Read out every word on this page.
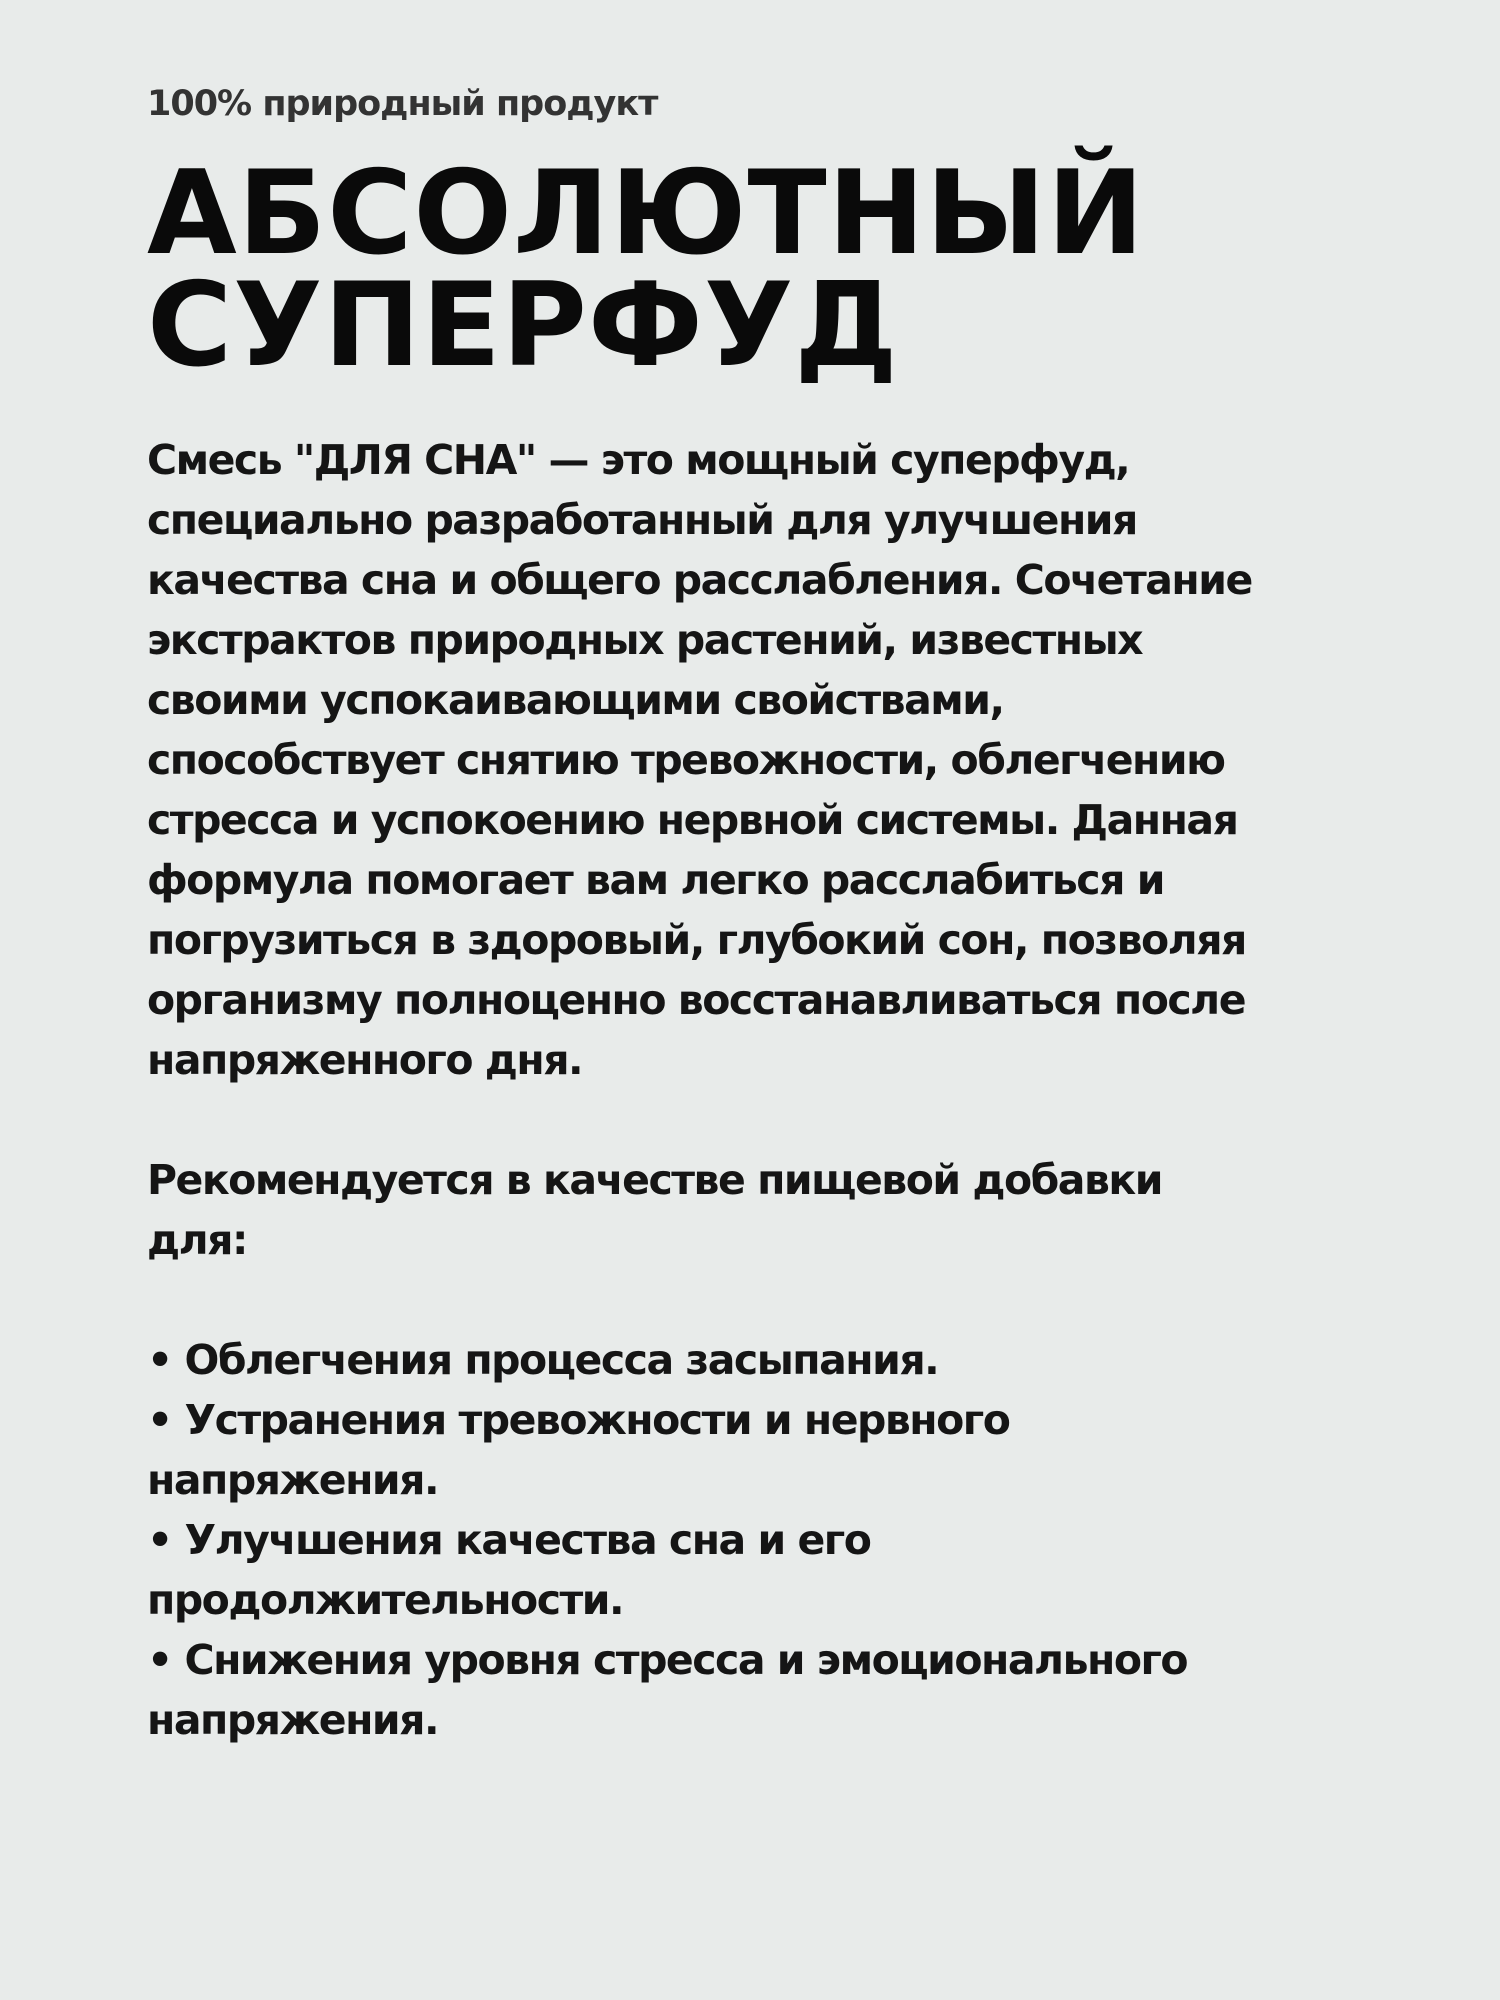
100% природный продукт
АБСОЛЮТНЫЙ
СУПЕРФУД
Смесь "ДЛЯ СНА" — это мощный суперфуд,
специально разработанный для улучшения
качества сна и общего расслабления. Сочетание
экстрактов природных растений, известных
своими успокаивающими свойствами,
способствует снятию тревожности, облегчению
стресса и успокоению нервной системы. Данная
формула помогает вам легко расслабиться и
погрузиться в здоровый, глубокий сон, позволяя
организму полноценно восстанавливаться после
напряженного дня.
Рекомендуется в качестве пищевой добавки
для:
• Облегчения процесса засыпания.
• Устранения тревожности и нервного
напряжения.
• Улучшения качества сна и его
продолжительности.
• Снижения уровня стресса и эмоционального
напряжения.
